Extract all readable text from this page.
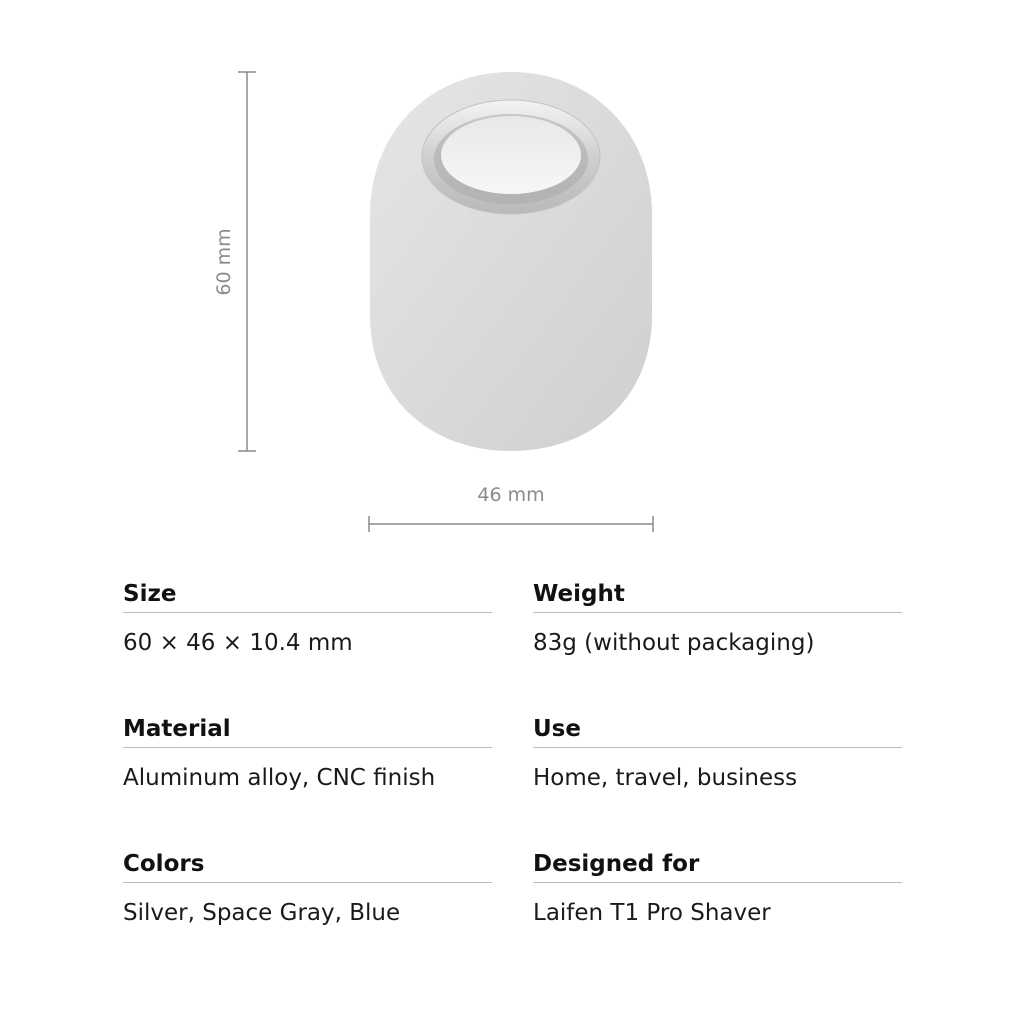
60 mm
46 mm
Size
60 × 46 × 10.4 mm
Weight
83g (without packaging)
Material
Aluminum alloy, CNC finish
Use
Home, travel, business
Colors
Silver, Space Gray, Blue
Designed for
Laifen T1 Pro Shaver
